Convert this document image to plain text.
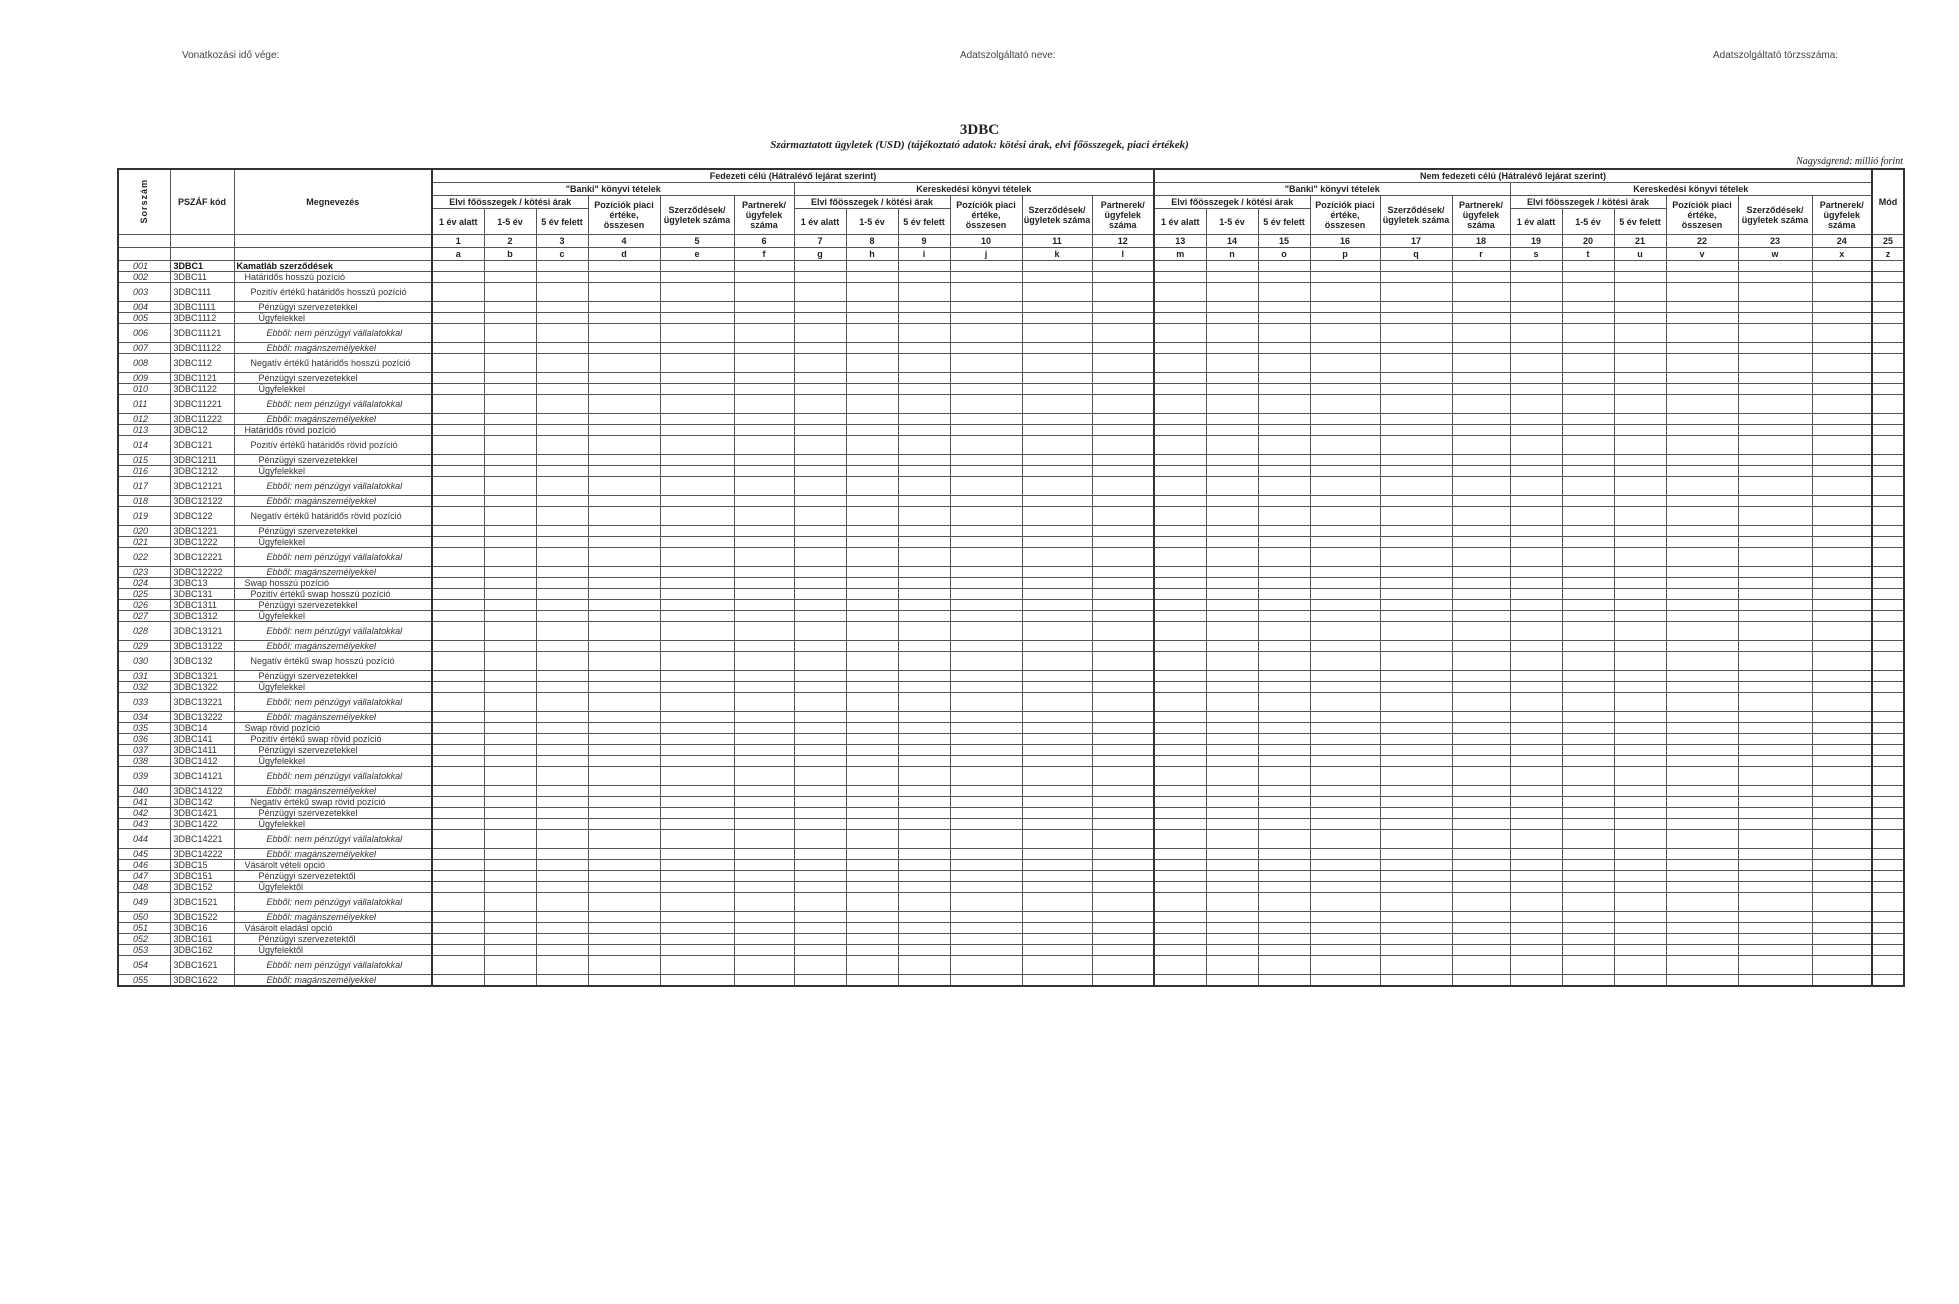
Vonatkozási idő vége:	Adatszolgáltató neve:	Adatszolgáltató törzsszáma:
3DBC
Származtatott ügyletek (USD) (tájékoztató adatok: kötési árak, elvi főösszegek, piaci értékek)
Nagyságrend: millió forint
Sorszám	PSZÁF kód	Megnevezés	Fedezeti célú (Hátralévő lejárat szerint)												Nem fedezeti célú (Hátralévő lejárat szerint)												Mód
			"Banki" könyvi tételek						Kereskedési könyvi tételek						"Banki" könyvi tételek						Kereskedési könyvi tételek						
			Elvi főösszegek / kötési árak			Pozíciók piaci értéke, összesen	Szerződések/ ügyletek száma	Partnerek/ ügyfelek száma	Elvi főösszegek / kötési árak			Pozíciók piaci értéke, összesen	Szerződések/ ügyletek száma	Partnerek/ ügyfelek száma	Elvi főösszegek / kötési árak			Pozíciók piaci értéke, összesen	Szerződések/ ügyletek száma	Partnerek/ ügyfelek száma	Elvi főösszegek / kötési árak			Pozíciók piaci értéke, összesen	Szerződések/ ügyletek száma	Partnerek/ ügyfelek száma	
			1 év alatt	1-5 év	5 év felett				1 év alatt	1-5 év	5 év felett				1 év alatt	1-5 év	5 év felett				1 év alatt	1-5 év	5 év felett				
			1	2	3	4	5	6	7	8	9	10	11	12	13	14	15	16	17	18	19	20	21	22	23	24	25
			a	b	c	d	e	f	g	h	i	j	k	l	m	n	o	p	q	r	s	t	u	v	w	x	z
001	3DBC1	Kamatláb szerződések																									
002	3DBC11	Határidős hosszú pozíció																									
003	3DBC111	Pozitív értékű határidős hosszú pozíció																									
004	3DBC1111	Pénzügyi szervezetekkel																									
005	3DBC1112	Ügyfelekkel																									
006	3DBC11121	Ebből: nem pénzügyi vállalatokkal																									
007	3DBC11122	Ebből: magánszemélyekkel																									
008	3DBC112	Negatív értékű határidős hosszú pozíció																									
009	3DBC1121	Pénzügyi szervezetekkel																									
010	3DBC1122	Ügyfelekkel																									
011	3DBC11221	Ebből: nem pénzügyi vállalatokkal																									
012	3DBC11222	Ebből: magánszemélyekkel																									
013	3DBC12	Határidős rövid pozíció																									
014	3DBC121	Pozitív értékű határidős rövid pozíció																									
015	3DBC1211	Pénzügyi szervezetekkel																									
016	3DBC1212	Ügyfelekkel																									
017	3DBC12121	Ebből: nem pénzügyi vállalatokkal																									
018	3DBC12122	Ebből: magánszemélyekkel																									
019	3DBC122	Negatív értékű határidős rövid pozíció																									
020	3DBC1221	Pénzügyi szervezetekkel																									
021	3DBC1222	Ügyfelekkel																									
022	3DBC12221	Ebből: nem pénzügyi vállalatokkal																									
023	3DBC12222	Ebből: magánszemélyekkel																									
024	3DBC13	Swap hosszú pozíció																									
025	3DBC131	Pozitív értékű swap hosszú pozíció																									
026	3DBC1311	Pénzügyi szervezetekkel																									
027	3DBC1312	Ügyfelekkel																									
028	3DBC13121	Ebből: nem pénzügyi vállalatokkal																									
029	3DBC13122	Ebből: magánszemélyekkel																									
030	3DBC132	Negatív értékű swap hosszú pozíció																									
031	3DBC1321	Pénzügyi szervezetekkel																									
032	3DBC1322	Ügyfelekkel																									
033	3DBC13221	Ebből: nem pénzügyi vállalatokkal																									
034	3DBC13222	Ebből: magánszemélyekkel																									
035	3DBC14	Swap rövid pozíció																									
036	3DBC141	Pozitív értékű swap rövid pozíció																									
037	3DBC1411	Pénzügyi szervezetekkel																									
038	3DBC1412	Ügyfelekkel																									
039	3DBC14121	Ebből: nem pénzügyi vállalatokkal																									
040	3DBC14122	Ebből: magánszemélyekkel																									
041	3DBC142	Negatív értékű swap rövid pozíció																									
042	3DBC1421	Pénzügyi szervezetekkel																									
043	3DBC1422	Ügyfelekkel																									
044	3DBC14221	Ebből: nem pénzügyi vállalatokkal																									
045	3DBC14222	Ebből: magánszemélyekkel																									
046	3DBC15	Vásárolt vételi opció																									
047	3DBC151	Pénzügyi szervezetektől																									
048	3DBC152	Ügyfelektől																									
049	3DBC1521	Ebből: nem pénzügyi vállalatokkal																									
050	3DBC1522	Ebből: magánszemélyekkel																									
051	3DBC16	Vásárolt eladási opció																									
052	3DBC161	Pénzügyi szervezetektől																									
053	3DBC162	Ügyfelektől																									
054	3DBC1621	Ebből: nem pénzügyi vállalatokkal																									
055	3DBC1622	Ebből: magánszemélyekkel																									
